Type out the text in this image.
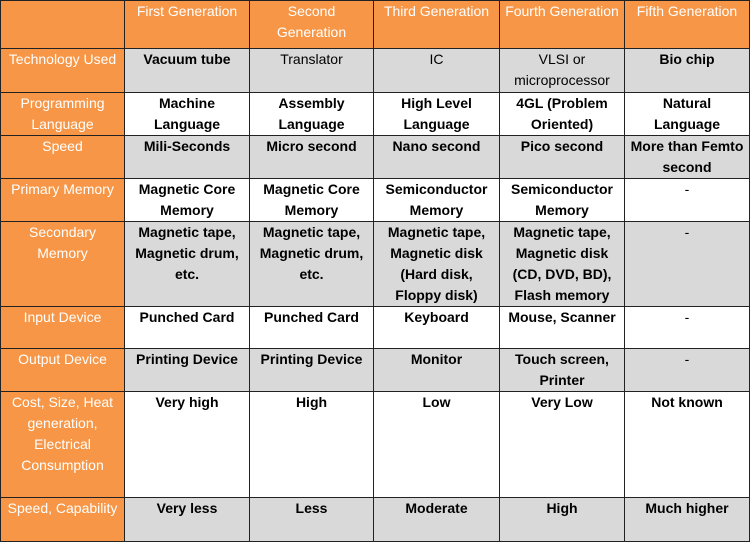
	First Generation	Second Generation	Third Generation	Fourth Generation	Fifth Generation
Technology Used	Vacuum tube	Translator	IC	VLSI or microprocessor	Bio chip
Programming Language	Machine Language	Assembly Language	High Level Language	4GL (Problem Oriented)	Natural Language
Speed	Mili-Seconds	Micro second	Nano second	Pico second	More than Femto second
Primary Memory	Magnetic Core Memory	Magnetic Core Memory	Semiconductor Memory	Semiconductor Memory	-
Secondary Memory	Magnetic tape, Magnetic drum, etc.	Magnetic tape, Magnetic drum, etc.	Magnetic tape, Magnetic disk (Hard disk, Floppy disk)	Magnetic tape, Magnetic disk (CD, DVD, BD), Flash memory	-
Input Device	Punched Card	Punched Card	Keyboard	Mouse, Scanner	-
Output Device	Printing Device	Printing Device	Monitor	Touch screen, Printer	-
Cost, Size, Heat generation, Electrical Consumption	Very high	High	Low	Very Low	Not known
Speed, Capability	Very less	Less	Moderate	High	Much higher
